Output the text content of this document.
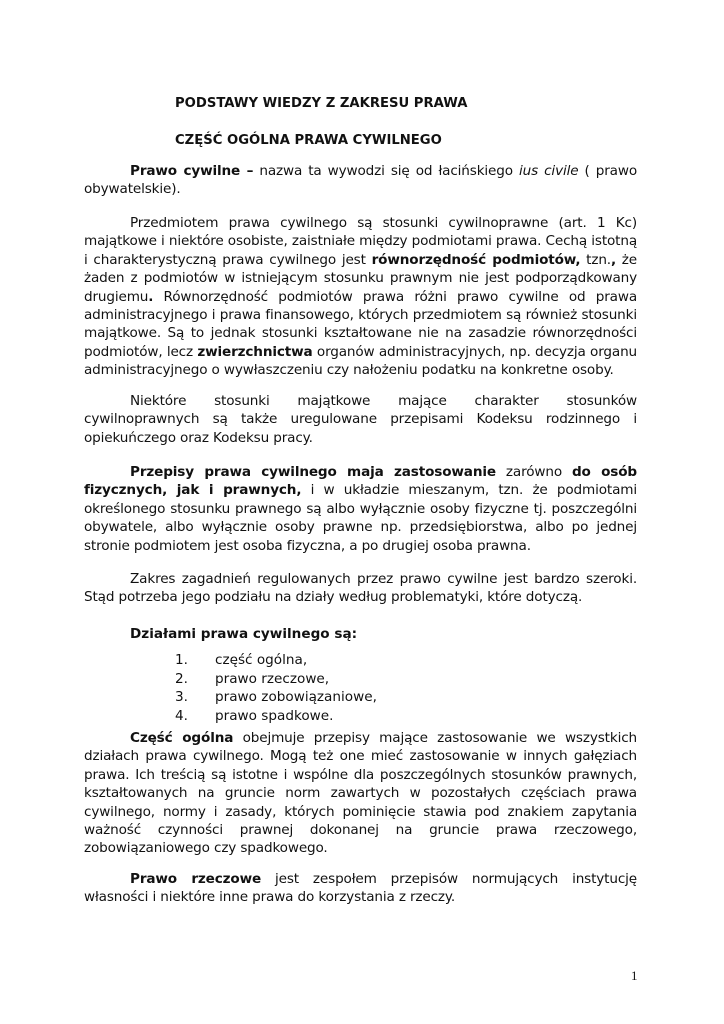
PODSTAWY WIEDZY Z ZAKRESU PRAWA
CZĘŚĆ OGÓLNA PRAWA CYWILNEGO

Prawo cywilne – nazwa ta wywodzi się od łacińskiego ius civile ( prawo obywatelskie).

Przedmiotem prawa cywilnego są stosunki cywilnoprawne (art. 1 Kc) majątkowe i niektóre osobiste, zaistniałe między podmiotami prawa. Cechą istotną i charakterystyczną prawa cywilnego jest równorzędność podmiotów, tzn., że żaden z podmiotów w istniejącym stosunku prawnym nie jest podporządkowany drugiemu. Równorzędność podmiotów prawa różni prawo cywilne od prawa administracyjnego i prawa finansowego, których przedmiotem są również stosunki majątkowe. Są to jednak stosunki kształtowane nie na zasadzie równorzędności podmiotów, lecz zwierzchnictwa organów administracyjnych, np. decyzja organu administracyjnego o wywłaszczeniu czy nałożeniu podatku na konkretne osoby.

Niektóre stosunki majątkowe mające charakter stosunków cywilnoprawnych są także uregulowane przepisami Kodeksu rodzinnego i opiekuńczego oraz Kodeksu pracy.

Przepisy prawa cywilnego maja zastosowanie zarówno do osób fizycznych, jak i prawnych, i w układzie mieszanym, tzn. że podmiotami określonego stosunku prawnego są albo wyłącznie osoby fizyczne tj. poszczególni obywatele, albo wyłącznie osoby prawne np. przedsiębiorstwa, albo po jednej stronie podmiotem jest osoba fizyczna, a po drugiej osoba prawna.

Zakres zagadnień regulowanych przez prawo cywilne jest bardzo szeroki. Stąd potrzeba jego podziału na działy według problematyki, które dotyczą.

Działami prawa cywilnego są:
1.	część ogólna,
2.	prawo rzeczowe,
3.	prawo zobowiązaniowe,
4.	prawo spadkowe.

Część ogólna obejmuje przepisy mające zastosowanie we wszystkich działach prawa cywilnego. Mogą też one mieć zastosowanie w innych gałęziach prawa. Ich treścią są istotne i wspólne dla poszczególnych stosunków prawnych, kształtowanych na gruncie norm zawartych w pozostałych częściach prawa cywilnego, normy i zasady, których pominięcie stawia pod znakiem zapytania ważność czynności prawnej dokonanej na gruncie prawa rzeczowego, zobowiązaniowego czy spadkowego.

Prawo rzeczowe jest zespołem przepisów normujących instytucję własności i niektóre inne prawa do korzystania z rzeczy.

1
